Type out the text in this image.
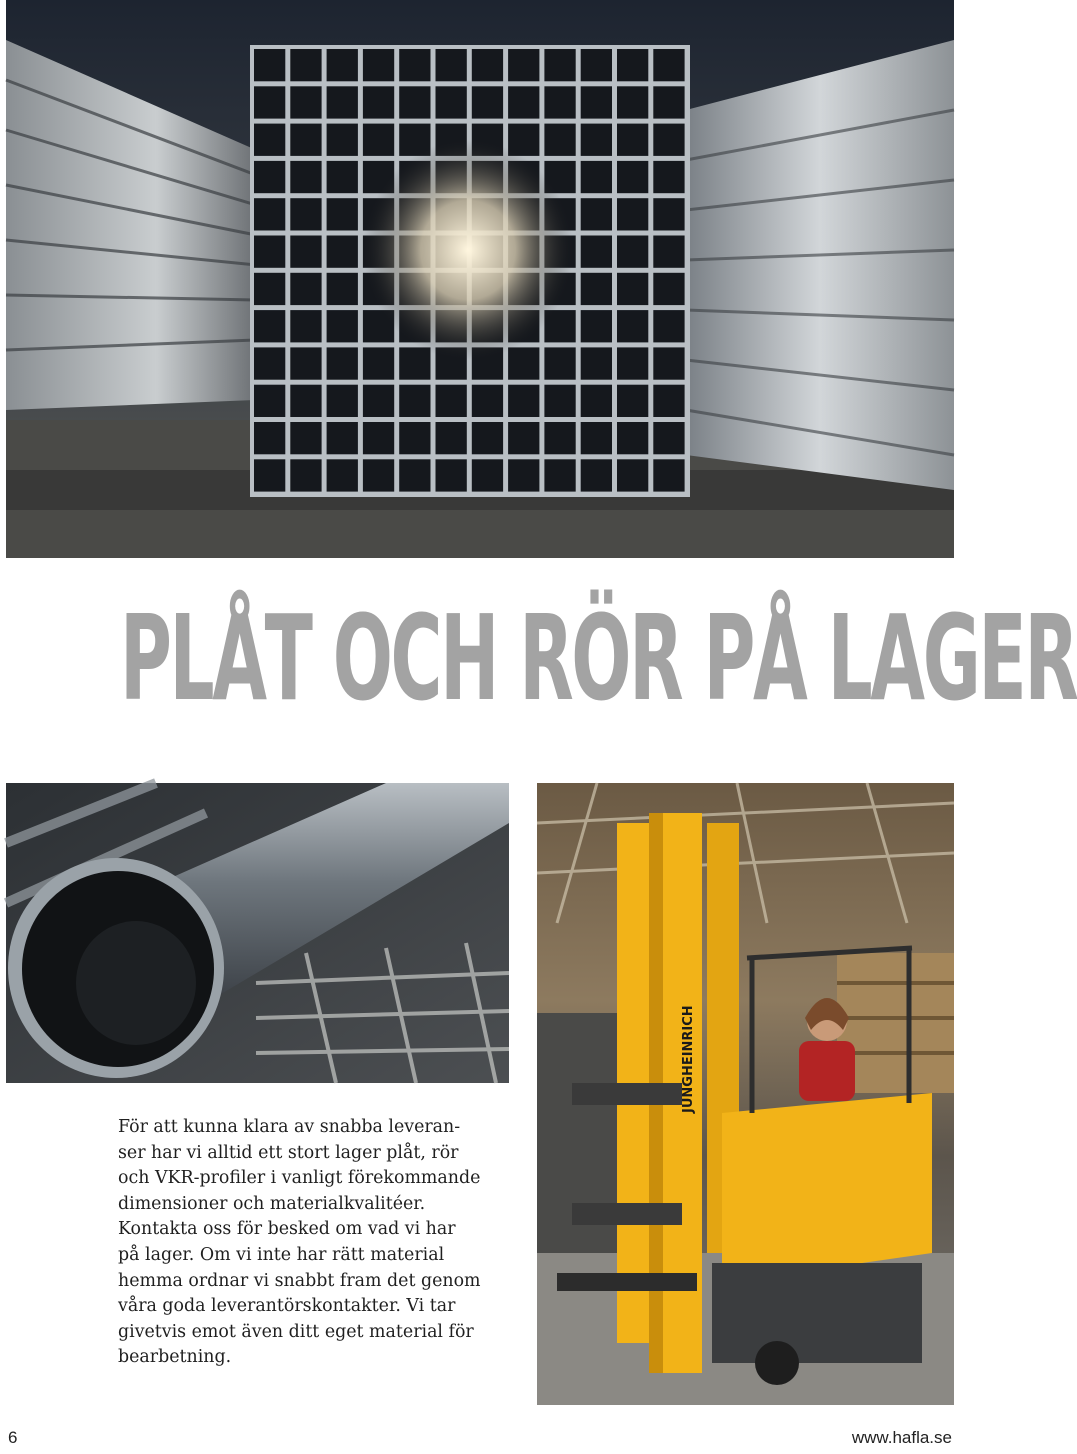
PLÅT OCH RÖR PÅ LAGER
JUNGHEINRICH

För att kunna klara av snabba leveran-
ser har vi alltid ett stort lager plåt, rör
och VKR-profiler i vanligt förekommande
dimensioner och materialkvalitéer.
Kontakta oss för besked om vad vi har
på lager. Om vi inte har rätt material
hemma ordnar vi snabbt fram det genom
våra goda leverantörskontakter. Vi tar
givetvis emot även ditt eget material för
bearbetning.

6	www.hafla.se
